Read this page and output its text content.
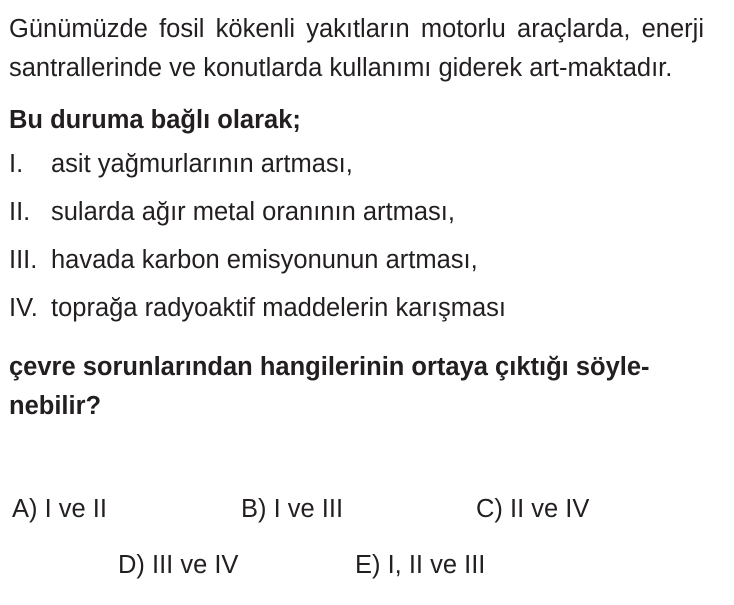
Günümüzde fosil kökenli yakıtların motorlu araçlarda, enerji santrallerinde ve konutlarda kullanımı giderek art-maktadır.

Bu duruma bağlı olarak;

I.	asit yağmurlarının artması,
II. sularda ağır metal oranının artması,
III. havada karbon emisyonunun artması,
IV. toprağa radyoaktif maddelerin karışması

çevre sorunlarından hangilerinin ortaya çıktığı söyle-nebilir?

A) I ve II	B) I ve III	C) II ve IV
D) III ve IV	E) I, II ve III
